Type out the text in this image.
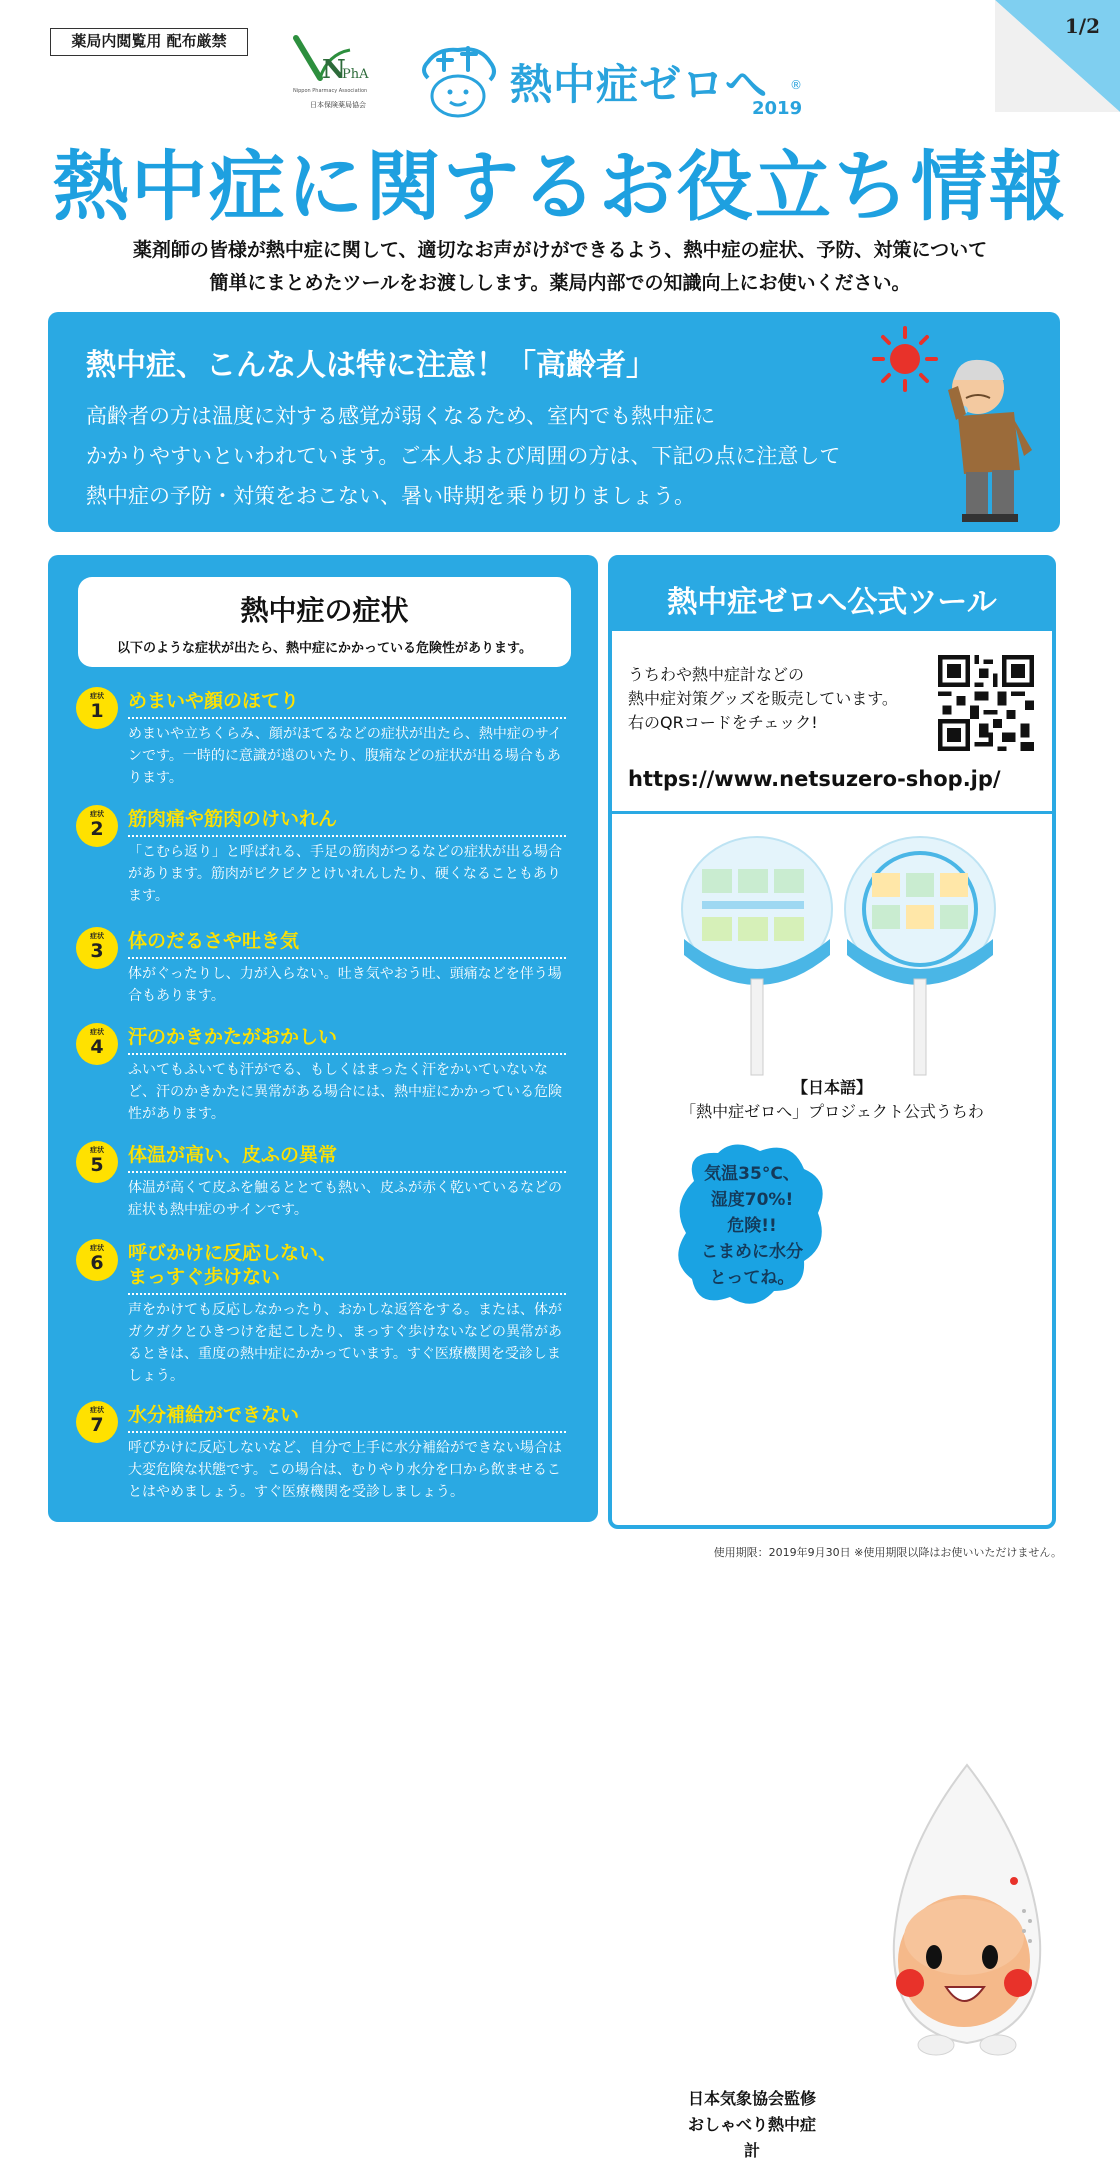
薬局内閲覧用 配布厳禁
1/2
N
PhA
Nippon Pharmacy Association
日本保険薬局協会	熱中症ゼロへ ®
2019
熱中症に関するお役立ち情報
薬剤師の皆様が熱中症に関して、適切なお声がけができるよう、熱中症の症状、予防、対策について
簡単にまとめたツールをお渡しします。薬局内部での知識向上にお使いください。
熱中症、こんな人は特に注意！「高齢者」
高齢者の方は温度に対する感覚が弱くなるため、室内でも熱中症に
かかりやすいといわれています。ご本人および周囲の方は、下記の点に注意して
熱中症の予防・対策をおこない、暑い時期を乗り切りましょう。
熱中症の症状
以下のような症状が出たら、熱中症にかかっている危険性があります。
症状
1	めまいや顔のほてり
めまいや立ちくらみ、顔がほてるなどの症状が出たら、熱中症のサインです。一時的に意識が遠のいたり、腹痛などの症状が出る場合もあります。
症状
2	筋肉痛や筋肉のけいれん
「こむら返り」と呼ばれる、手足の筋肉がつるなどの症状が出る場合があります。筋肉がピクピクとけいれんしたり、硬くなることもあります。
症状
3	体のだるさや吐き気
体がぐったりし、力が入らない。吐き気やおう吐、頭痛などを伴う場合もあります。
症状
4	汗のかきかたがおかしい
ふいてもふいても汗がでる、もしくはまったく汗をかいていないなど、汗のかきかたに異常がある場合には、熱中症にかかっている危険性があります。
症状
5	体温が高い、皮ふの異常
体温が高くて皮ふを触るととても熱い、皮ふが赤く乾いているなどの症状も熱中症のサインです。
症状
6	呼びかけに反応しない、まっすぐ歩けない
声をかけても反応しなかったり、おかしな返答をする。または、体がガクガクとひきつけを起こしたり、まっすぐ歩けないなどの異常があるときは、重度の熱中症にかかっています。すぐ医療機関を受診しましょう。
症状
7	水分補給ができない
呼びかけに反応しないなど、自分で上手に水分補給ができない場合は大変危険な状態です。この場合は、むりやり水分を口から飲ませることはやめましょう。すぐ医療機関を受診しましょう。
熱中症ゼロへ公式ツール
うちわや熱中症計などの
熱中症対策グッズを販売しています。
右のQRコードをチェック!
https://www.netsuzero-shop.jp/
【日本語】
「熱中症ゼロへ」プロジェクト公式うちわ
気温35°C、
湿度70%!
危険!!
こまめに水分
とってね。
日本気象協会監修　おしゃべり熱中症計
使用期限：2019年9月30日 ※使用期限以降はお使いいただけません。
